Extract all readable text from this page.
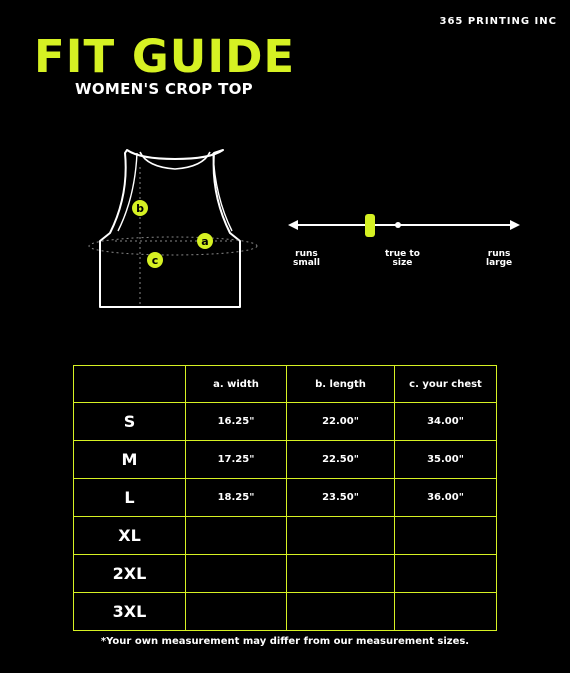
365 PRINTING INC
FIT GUIDE
WOMEN'S CROP TOP
b
a
c	runs
small
true to
size
runs
large
	a. width	b. length	c. your chest
S	16.25"	22.00"	34.00"
M	17.25"	22.50"	35.00"
L	18.25"	23.50"	36.00"
XL			
2XL			
3XL			
*Your own measurement may differ from our measurement sizes.
